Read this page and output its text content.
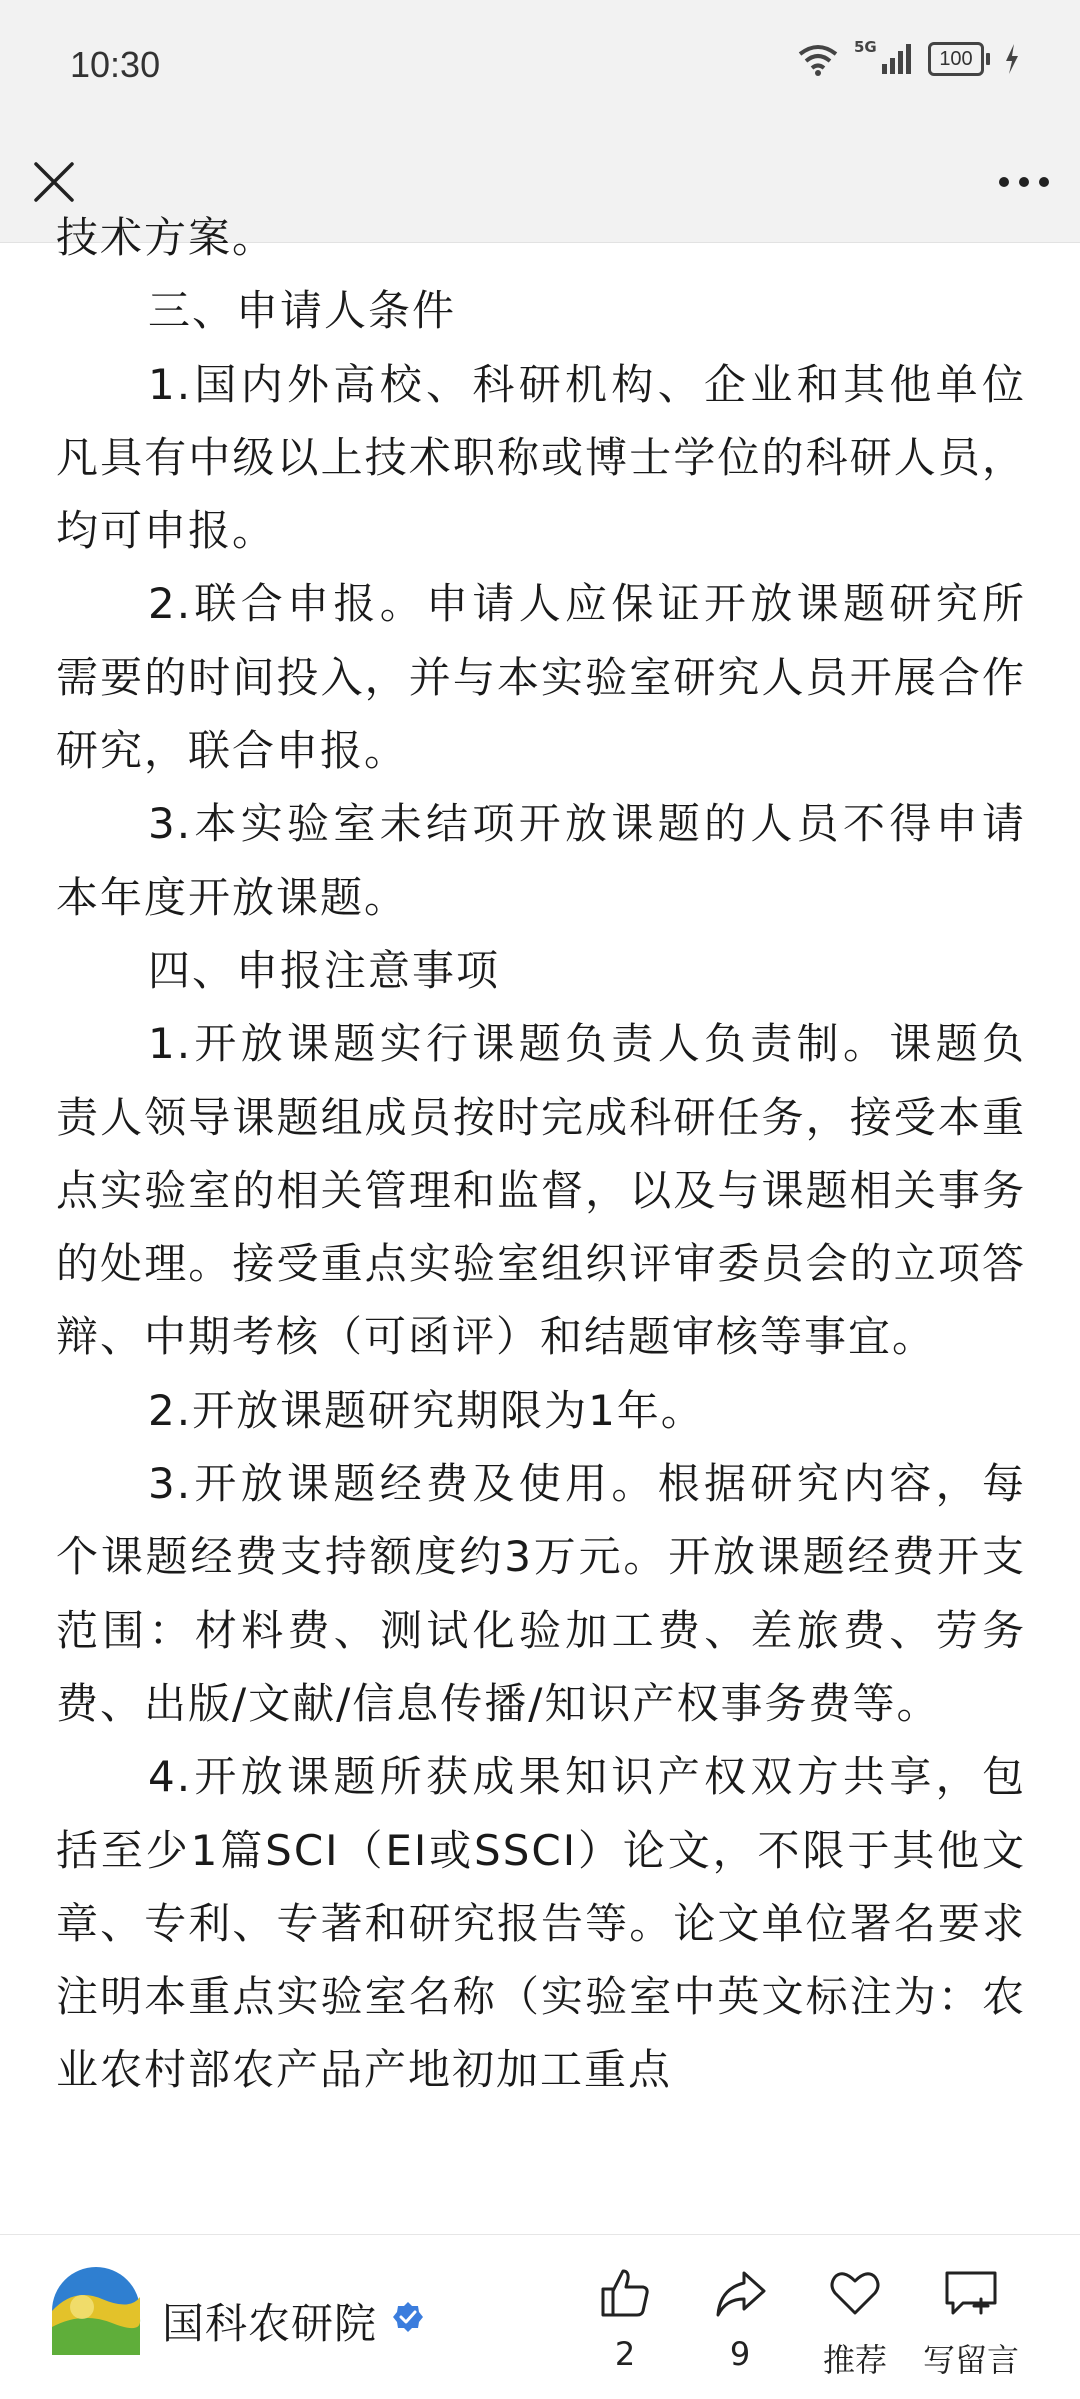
10:30	5G
100

技术方案。

三、申请人条件

1.国内外高校、科研机构、企业和其他单位凡具有中级以上技术职称或博士学位的科研人员，均可申报。

2.联合申报。申请人应保证开放课题研究所需要的时间投入，并与本实验室研究人员开展合作研究，联合申报。

3.本实验室未结项开放课题的人员不得申请本年度开放课题。

四、申报注意事项

1.开放课题实行课题负责人负责制。课题负责人领导课题组成员按时完成科研任务，接受本重点实验室的相关管理和监督，以及与课题相关事务的处理。接受重点实验室组织评审委员会的立项答辩、中期考核（可函评）和结题审核等事宜。

2.开放课题研究期限为1年。

3.开放课题经费及使用。根据研究内容，每个课题经费支持额度约3万元。开放课题经费开支范围：材料费、测试化验加工费、差旅费、劳务费、出版/文献/信息传播/知识产权事务费等。

4.开放课题所获成果知识产权双方共享，包括至少1篇SCI（EI或SSCI）论文，不限于其他文章、专利、专著和研究报告等。论文单位署名要求注明本重点实验室名称（实验室中英文标注为：农业农村部农产品产地初加工重点

国科农研院
2	9	推荐	写留言
